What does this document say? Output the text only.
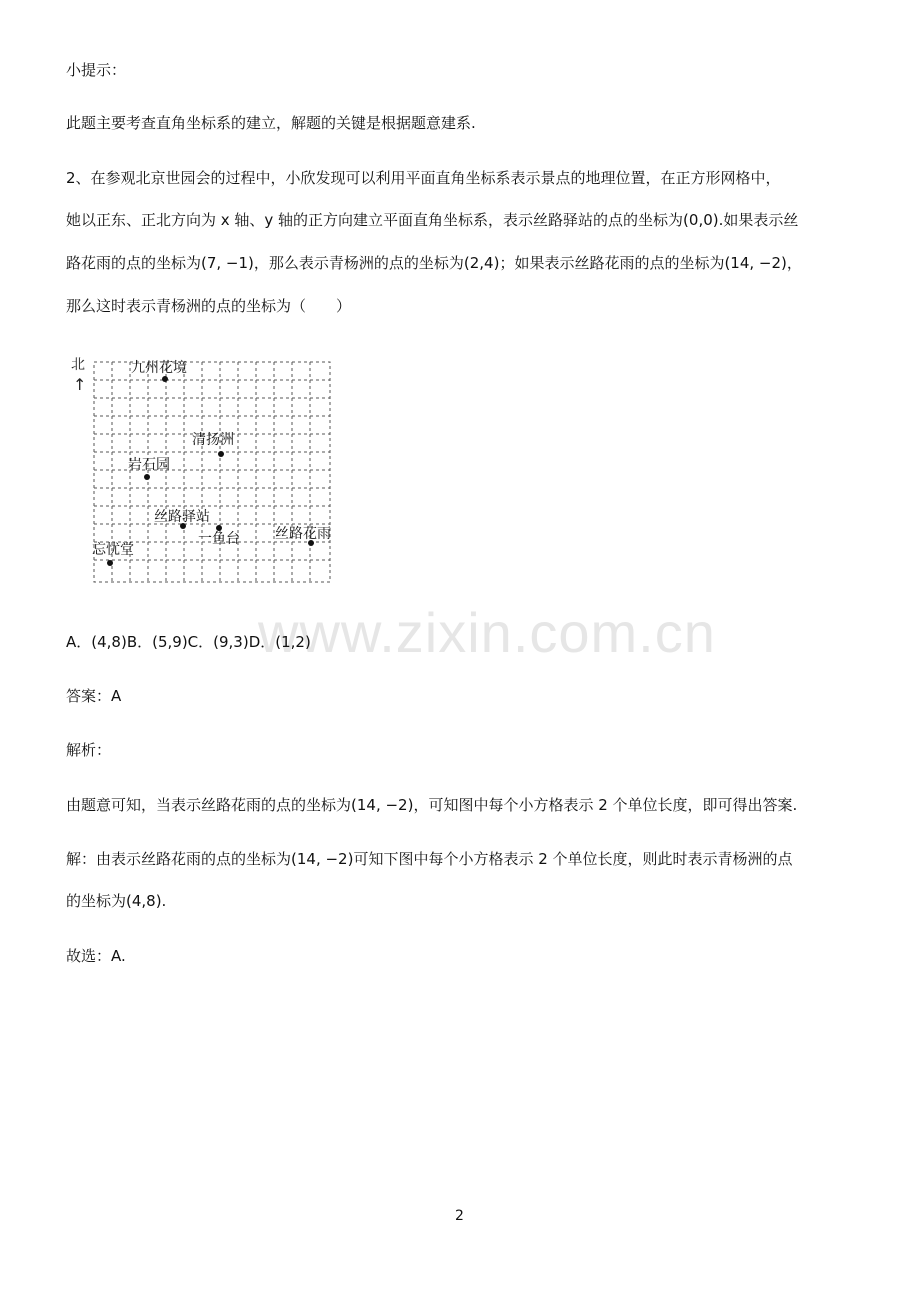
www.zixin.com.cn
小提示：
此题主要考查直角坐标系的建立，解题的关键是根据题意建系.
2、在参观北京世园会的过程中，小欣发现可以利用平面直角坐标系表示景点的地理位置，在正方形网格中，
她以正东、正北方向为 x 轴、y 轴的正方向建立平面直角坐标系，表示丝路驿站的点的坐标为(0,0).如果表示丝
路花雨的点的坐标为(7, −1)，那么表示青杨洲的点的坐标为(2,4)；如果表示丝路花雨的点的坐标为(14, −2)，
那么这时表示青杨洲的点的坐标为（　　）
北
↑
九州花境
清扬洲
岩石园
丝路驿站
一鱼台	丝路花雨
忘忧堂
A．(4,8)B．(5,9)C．(9,3)D．(1,2)
答案：A
解析：
由题意可知，当表示丝路花雨的点的坐标为(14, −2)，可知图中每个小方格表示 2 个单位长度，即可得出答案.
解：由表示丝路花雨的点的坐标为(14, −2)可知下图中每个小方格表示 2 个单位长度，则此时表示青杨洲的点
的坐标为(4,8).
故选：A.
2
